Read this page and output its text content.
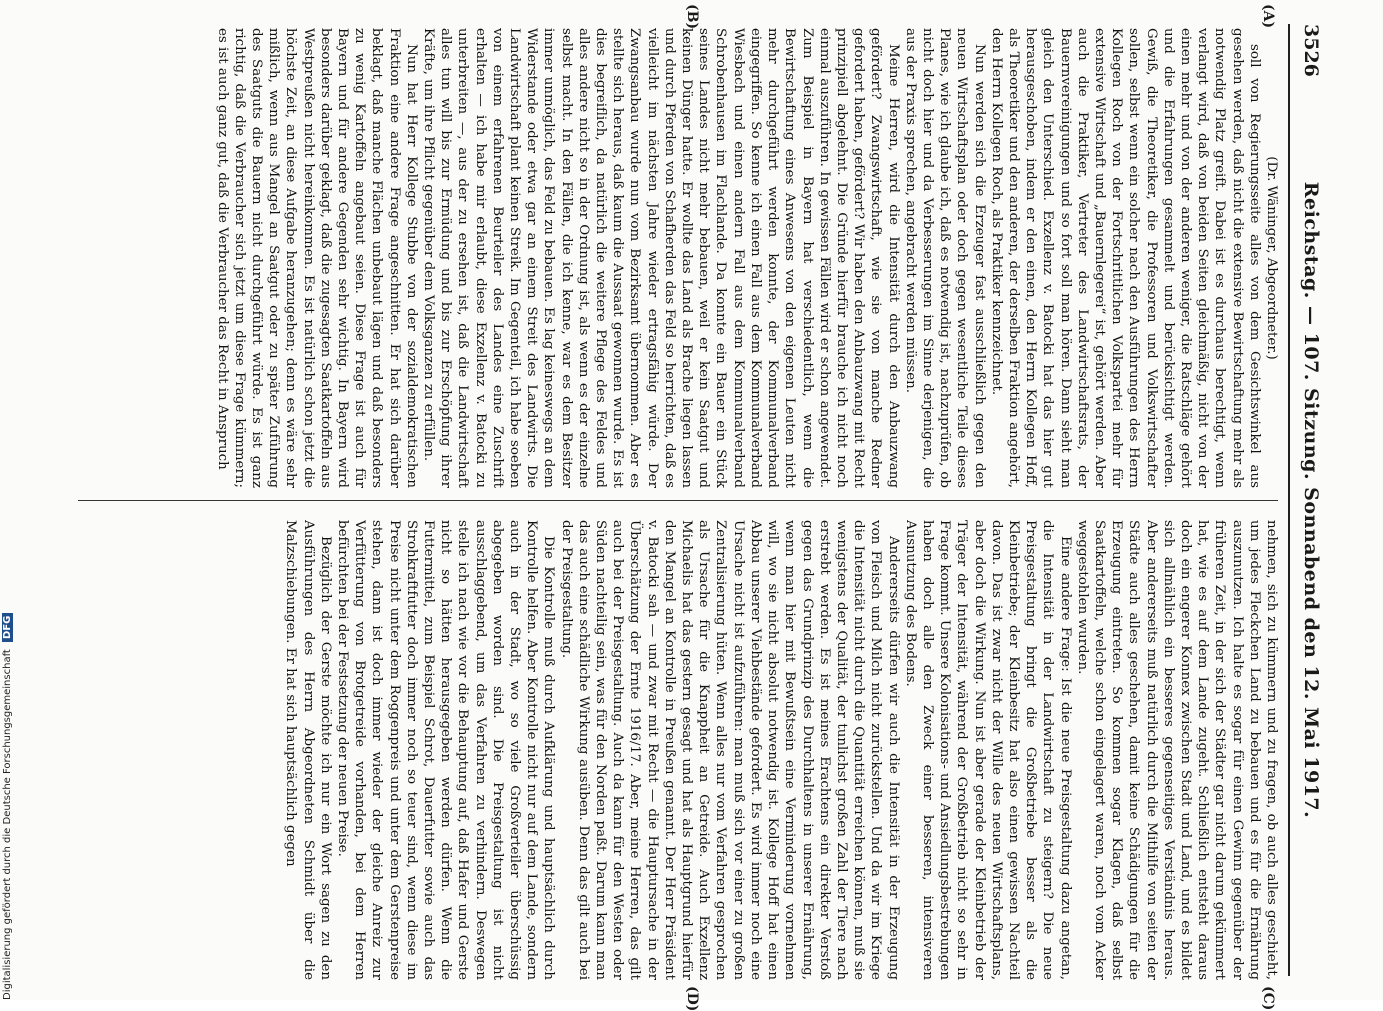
3526
Reichstag. — 107. Sitzung. Sonnabend den 12. Mai 1917.
(A)
(B)
(C)
(D)

(Dr. Wäninger, Abgeordneter.)

soll von Regierungsseite alles von dem Gesichtswinkel aus gesehen werden, daß nicht die extensive Bewirtschaftung mehr als notwendig Platz greift. Dabei ist es durchaus berechtigt, wenn verlangt wird, daß von beiden Seiten gleichmäßig, nicht von der einen mehr und von der anderen weniger, die Ratschläge gehört und die Erfahrungen gesammelt und berücksichtigt werden. Gewiß, die Theoretiker, die Professoren und Volkswirtschafter sollen, selbst wenn ein solcher nach den Ausführungen des Herrn Kollegen Roch von der Fortschrittlichen Volkspartei mehr für extensive Wirtschaft und „Bauernlegerei“ ist, gehört werden. Aber auch die Praktiker, Vertreter des Landwirtschaftsrats, der Bauernvereinigungen und so fort soll man hören. Dann sieht man gleich den Unterschied. Exzellenz v. Batocki hat das hier gut herausgeschoben, indem er den einen, den Herrn Kollegen Hoff, als Theoretiker und den anderen, der derselben Fraktion angehört, den Herrn Kollegen Roch, als Praktiker kennzeichnet.

Nun werden sich die Erzeuger fast ausschließlich gegen den neuen Wirtschaftsplan oder doch gegen wesentliche Teile dieses Planes, wie ich glaube ich, daß es notwendig ist, nachzuprüfen, ob nicht doch hier und da Verbesserungen im Sinne derjenigen, die aus der Praxis sprechen, angebracht werden müssen.

Meine Herren, wird die Intensität durch den Anbauzwang gefördert? Zwangswirtschaft, wie sie von manche Redner gefordert haben, gefördert? Wir haben den Anbauzwang mit Recht prinzipiell abgelehnt. Die Gründe hierfür brauche ich nicht noch einmal auszuführen. In gewissen Fällen wird er schon angewendet. Zum Beispiel in Bayern hat verschiedentlich, wenn die Bewirtschaftung eines Anwesens von den eigenen Leuten nicht mehr durchgeführt werden konnte, der Kommunalverband eingegriffen. So kenne ich einen Fall aus dem Kommunalverband Wiesbach und einen andern Fall aus dem Kommunalverband Schrobenhausen im Flachlande. Da konnte ein Bauer ein Stück seines Landes nicht mehr bebauen, weil er kein Saatgut und keinen Dünger hatte. Er wollte das Land als Brache liegen lassen und durch Pferden von Schafherden das Feld so herrichten, daß es vielleicht im nächsten Jahre wieder ertragsfähig würde. Der Zwangsanbau wurde nun vom Bezirksamt übernommen. Aber es stellte sich heraus, daß kaum die Aussaat gewonnen wurde. Es ist dies begreiflich, da natürlich die weitere Pflege des Feldes und alles andere nicht so in der Ordnung ist, als wenn es der einzelne selbst macht. In den Fällen, die ich kenne, war es dem Besitzer immer unmöglich, das Feld zu bebauen. Es lag keineswegs an dem Widerstande oder etwa gar an einem Streit des Landwirts. Die Landwirtschaft plant keinen Streik. Im Gegenteil, ich habe soeben von einem erfahrenen Beurteiler des Landes eine Zuschrift erhalten — ich habe mir erlaubt, diese Exzellenz v. Batocki zu unterbreiten —, aus der zu ersehen ist, daß die Landwirtschaft alles tun will bis zur Ermüdung und bis zur Erschöpfung ihrer Kräfte, um ihre Pflicht gegenüber dem Volksganzen zu erfüllen.

Nun hat Herr Kollege Stubbe von der sozialdemokratischen Fraktion eine andere Frage angeschnitten. Er hat sich darüber beklagt, daß manche Flächen unbebaut lägen und daß besonders zu wenig Kartoffeln angebaut seien. Diese Frage ist auch für Bayern und für andere Gegenden sehr wichtig. In Bayern wird besonders darüber geklagt, daß die zugesagten Saatkartoffeln aus Westpreußen nicht hereinkommen. Es ist natürlich schon jetzt die höchste Zeit, an diese Aufgabe heranzugehen; denn es wäre sehr mißlich, wenn aus Mangel an Saatgut oder zu später Zuführung des Saatguts die Bauern nicht durchgeführt würde. Es ist ganz richtig, daß die Verbraucher sich jetzt um diese Frage kümmern; es ist auch ganz gut, daß die Verbraucher das Recht in Anspruch

nehmen, sich zu kümmern und zu fragen, ob auch alles geschieht, um jedes Fleckchen Land zu bebauen und es für die Ernährung auszunutzen. Ich halte es sogar für einen Gewinn gegenüber der früheren Zeit, in der sich der Städter gar nicht darum gekümmert hat, wie es auf dem Lande zugeht. Schließlich entsteht daraus doch ein engerer Konnex zwischen Stadt und Land, und es bildet sich allmählich ein besseres gegenseitiges Verständnis heraus. Aber andererseits muß natürlich durch die Mithilfe von seiten der Städte auch alles geschehen, damit keine Schädigungen für die Erzeugung eintreten. So kommen sogar Klagen, daß selbst Saatkartoffeln, welche schon eingelagert waren, noch vom Acker weggestohlen wurden.

Eine andere Frage: Ist die neue Preisgestaltung dazu angetan, die Intensität in der Landwirtschaft zu steigern? Die neue Preisgestaltung bringt die Großbetriebe besser als die Kleinbetriebe; der Kleinbesitz hat also einen gewissen Nachteil davon. Das ist zwar nicht der Wille des neuen Wirtschaftsplans, aber doch die Wirkung. Nun ist aber gerade der Kleinbetrieb der Träger der Intensität, während der Großbetrieb nicht so sehr in Frage kommt. Unsere Kolonisations- und Ansiedlungsbestrebungen haben doch alle den Zweck einer besseren, intensiveren Ausnutzung des Bodens.

Andererseits dürfen wir auch die Intensität in der Erzeugung von Fleisch und Milch nicht zurückstellen. Und da wir im Kriege die Intensität nicht durch die Quantität erreichen können, muß sie wenigstens der Qualität, der tunlichst großen Zahl der Tiere nach erstrebt werden. Es ist meines Erachtens ein direkter Verstoß gegen das Grundprinzip des Durchhaltens in unserer Ernährung, wenn man hier mit Bewußtsein eine Verminderung vornehmen will, wo sie nicht absolut notwendig ist. Kollege Hoff hat einen Abbau unserer Viehbestände gefordert. Es wird immer noch eine Ursache nicht ist aufzuführen: man muß sich vor einer zu großen Zentralisierung hüten. Wenn alles nur vom Verfahren gesprochen als Ursache für die Knappheit an Getreide. Auch Exzellenz Michaelis hat das gestern gesagt und hat als Hauptgrund hierfür den Mangel an Kontrolle in Preußen genannt. Der Herr Präsident v. Batocki sah — und zwar mit Recht — die Hauptursache in der Überschätzung der Ernte 1916/17. Aber, meine Herren, das gilt auch bei der Preisgestaltung. Auch da kann für den Westen oder Süden nachteilig sein, was für den Norden paßt. Darum kann man das auch eine schädliche Wirkung ausüben. Denn das gilt auch bei der Preisgestaltung.

Die Kontrolle muß durch Aufklärung und hauptsächlich durch Kontrolle helfen. Aber Kontrolle nicht nur auf dem Lande, sondern auch in der Stadt, wo so viele Großverteiler überschüssig abgegeben worden sind. Die Preisgestaltung ist nicht ausschlaggebend, um das Verfahren zu verhindern. Deswegen stelle ich nach wie vor die Behauptung auf, daß Hafer und Gerste nicht so hätten herausgegeben werden dürfen. Wenn die Futtermittel, zum Beispiel Schrot, Dauerfutter sowie auch das Strohkraftfutter doch immer noch so teuer sind, wenn diese im Preise nicht unter dem Roggenpreis und unter dem Gerstenpreise stehen, dann ist doch immer wieder der gleiche Anreiz zur Verfütterung von Brotgetreide vorhanden, bei dem Herren befürchten bei der Festsetzung der neuen Preise.

Bezüglich der Gerste möchte ich nur ein Wort sagen zu den Ausführungen des Herrn Abgeordneten Schmidt über die Malzschiebungen. Er hat sich hauptsächlich gegen

Digitalisierung gefördert durch die Deutsche Forschungsgemeinschaft DFG
